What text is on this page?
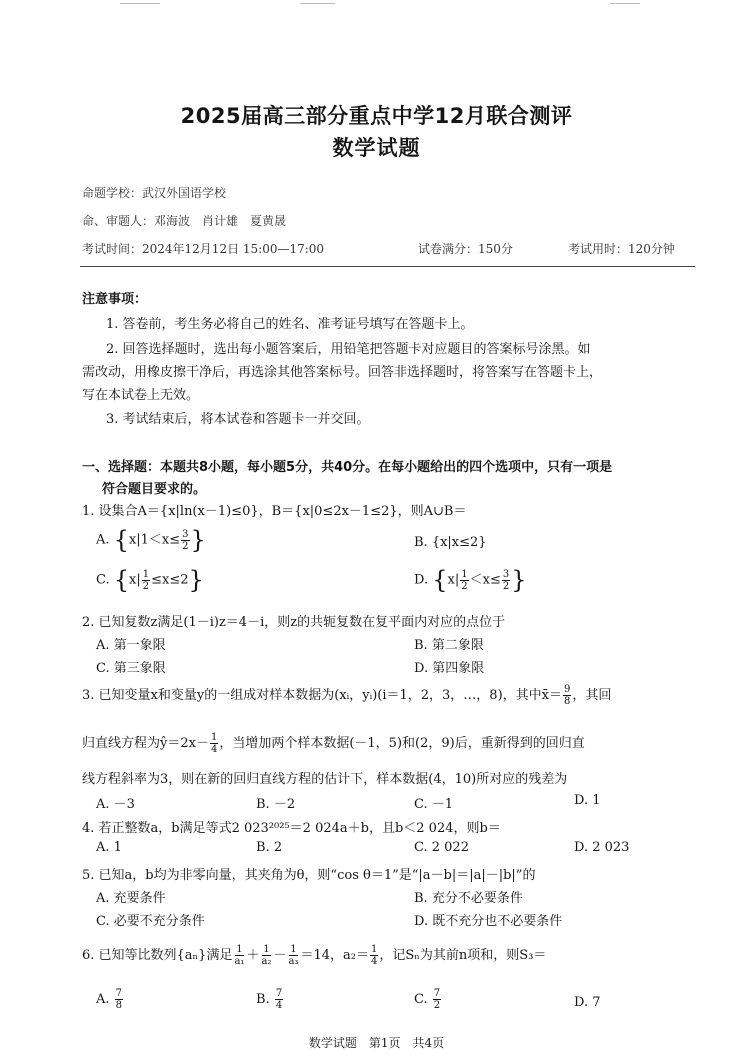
2025届高三部分重点中学12月联合测评
数学试题
命题学校：武汉外国语学校
命、审题人：邓海波　肖计雄　夏黄晟
考试时间：2024年12月12日 15:00—17:00	试卷满分：150分	考试用时：120分钟
注意事项：
1. 答卷前，考生务必将自己的姓名、准考证号填写在答题卡上。
2. 回答选择题时，选出每小题答案后，用铅笔把答题卡对应题目的答案标号涂黑。如
需改动，用橡皮擦干净后，再选涂其他答案标号。回答非选择题时，将答案写在答题卡上，
写在本试卷上无效。
3. 考试结束后，将本试卷和答题卡一并交回。
一、选择题：本题共8小题，每小题5分，共40分。在每小题给出的四个选项中，只有一项是
符合题目要求的。
1. 设集合A＝{x|ln(x－1)≤0}，B＝{x|0≤2x－1≤2}，则A∪B＝
A. {$x|1<x\le \frac{3}{2}$ }	B. {x|x≤2}
C. $\{x| \frac{1}{2} \le x\le 2\}$	D. {$x| \frac{1}{2} <x\le \frac{3}{2}$ }
2. 已知复数z满足(1－i)z＝4－i，则z的共轭复数在复平面内对应的点位于
A. 第一象限	B. 第二象限
C. 第三象限	D. 第四象限
3. 已知变量x和变量y的一组成对样本数据为(xᵢ，yᵢ)(i＝1，2，3，…，8)，其中x̄＝ $\frac{9}{8}$ ，其回
归直线方程为ŷ＝2x－ $\frac{1}{4}$ ，当增加两个样本数据(－1，5)和(2，9)后，重新得到的回归直
线方程斜率为3，则在新的回归直线方程的估计下，样本数据(4，10)所对应的残差为
A. －3	B. －2	C. －1	D. 1
4. 若正整数a，b满足等式2 023²⁰²⁵＝2 024a＋b，且b＜2 024，则b＝
A. 1	B. 2	C. 2 022	D. 2 023
5. 已知a，b均为非零向量，其夹角为θ，则“cos θ＝1”是“|a－b|＝|a|－|b|”的
A. 充要条件	B. 充分不必要条件
C. 必要不充分条件	D. 既不充分也不必要条件
6. 已知等比数列{aₙ}满足 $\frac{1}{\text{a₁}} + \frac{1}{\text{a₂}} - \frac{1}{\text{a₃}} =14$，$a_2= \frac{1}{4}$ ，记Sₙ为其前n项和，则S₃＝
A. $\frac{7}{8}$	B. $\frac{7}{4}$	C. $\frac{7}{2}$	D. 7
数学试题　第1页　共4页
